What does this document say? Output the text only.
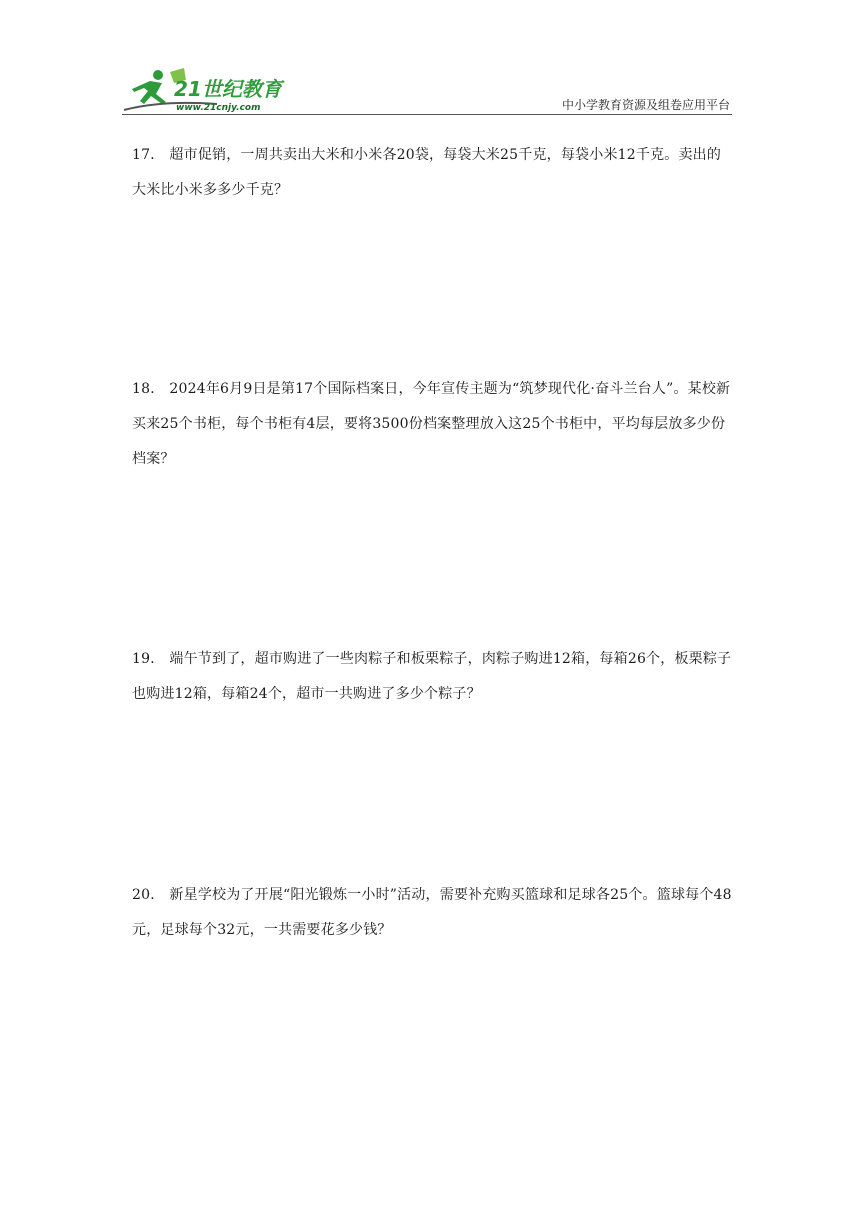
21世纪教育
www.21cnjy.com	中小学教育资源及组卷应用平台

17． 超市促销，一周共卖出大米和小米各20袋，每袋大米25千克，每袋小米12千克。卖出的大米比小米多多少千克？

18． 2024年6月9日是第17个国际档案日，今年宣传主题为“筑梦现代化·奋斗兰台人”。某校新买来25个书柜，每个书柜有4层，要将3500份档案整理放入这25个书柜中，平均每层放多少份档案？

19． 端午节到了，超市购进了一些肉粽子和板栗粽子，肉粽子购进12箱，每箱26个，板栗粽子也购进12箱，每箱24个，超市一共购进了多少个粽子？

20． 新星学校为了开展“阳光锻炼一小时”活动，需要补充购买篮球和足球各25个。篮球每个48元，足球每个32元，一共需要花多少钱？
